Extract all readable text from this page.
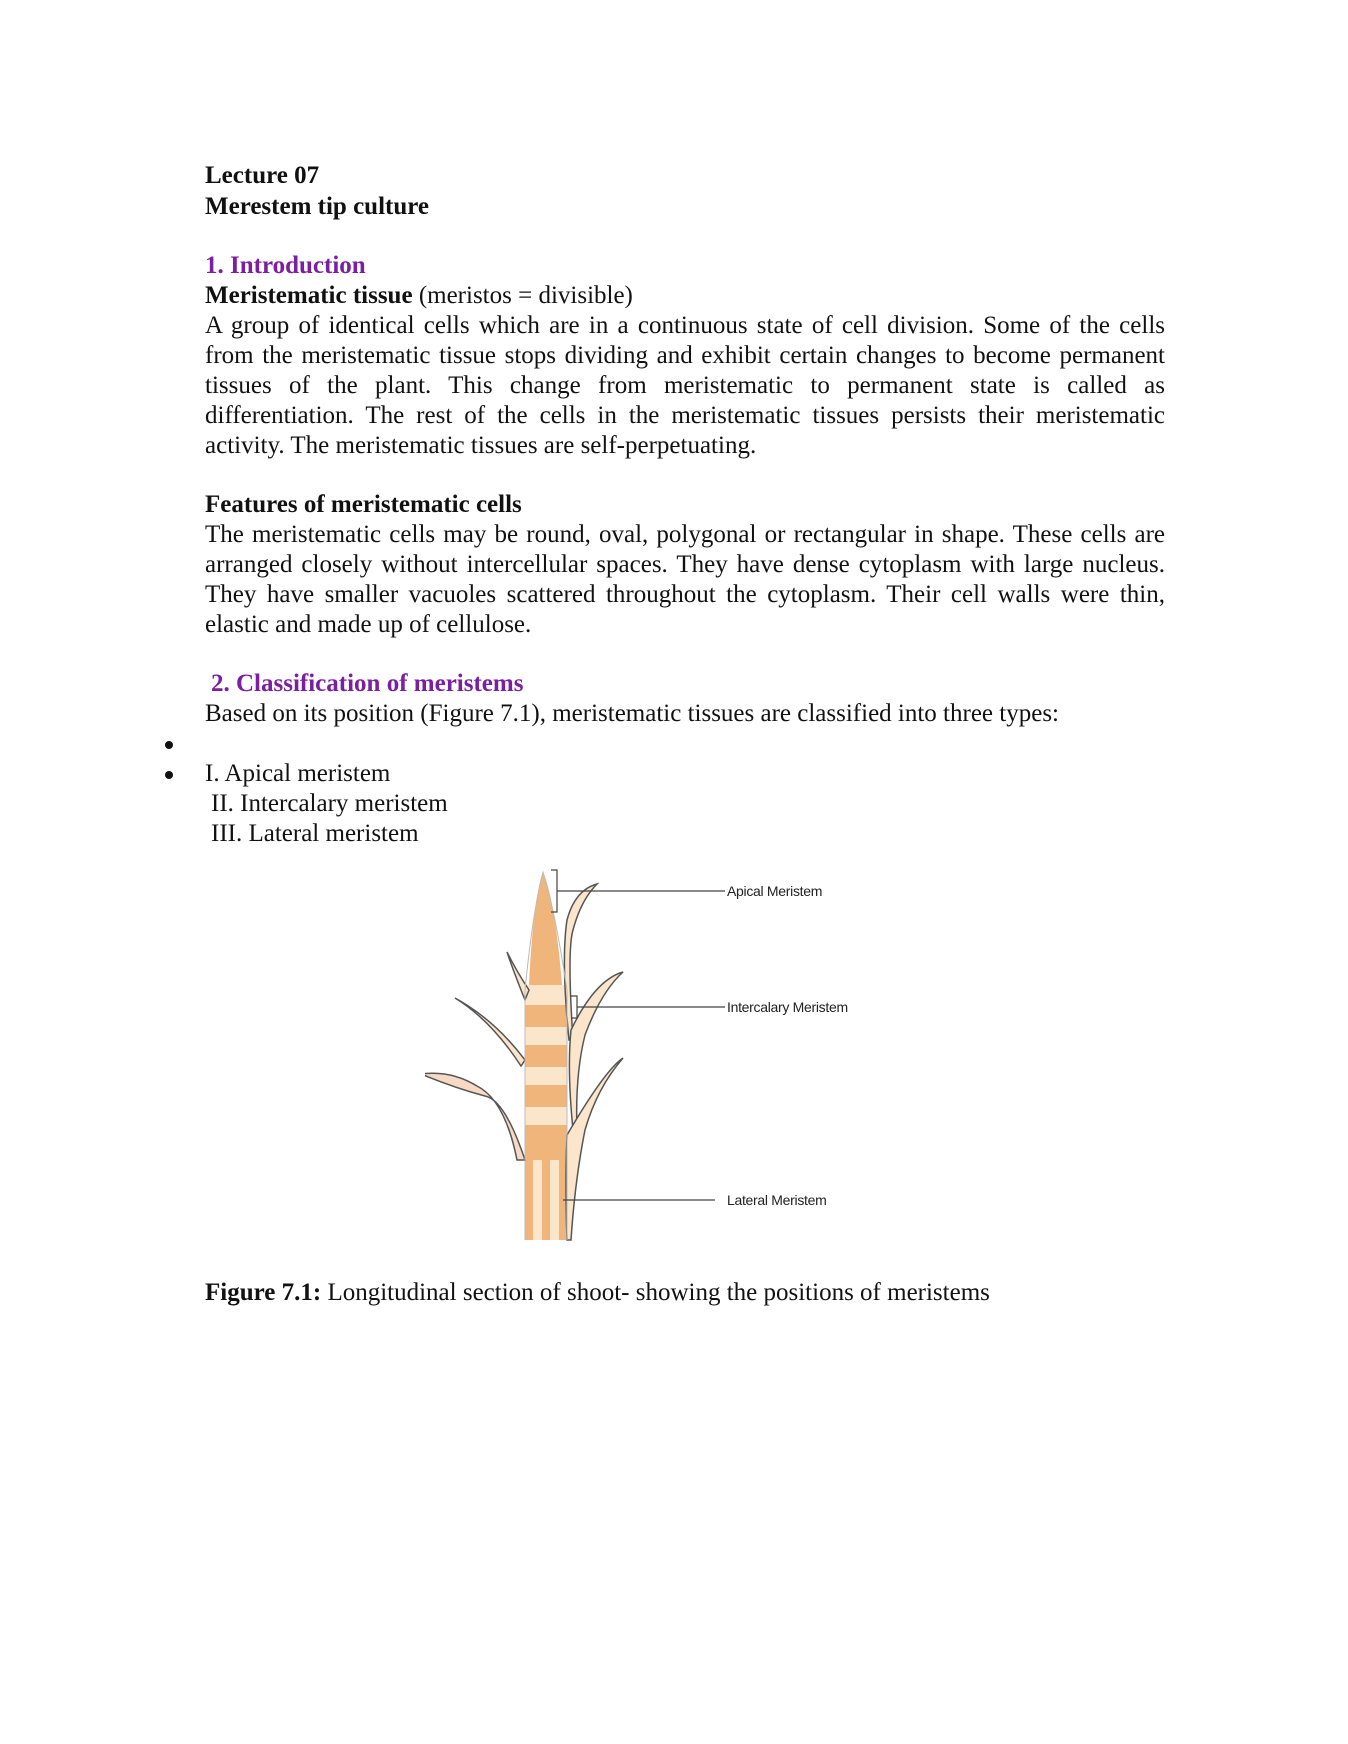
Lecture 07
Merestem tip culture
1. Introduction
Meristematic tissue (meristos = divisible)
A group of identical cells which are in a continuous state of cell division. Some of the cells from the meristematic tissue stops dividing and exhibit certain changes to become permanent tissues of the plant. This change from meristematic to permanent state is called as differentiation. The rest of the cells in the meristematic tissues persists their meristematic activity. The meristematic tissues are self-perpetuating.
Features of meristematic cells
The meristematic cells may be round, oval, polygonal or rectangular in shape. These cells are arranged closely without intercellular spaces. They have dense cytoplasm with large nucleus. They have smaller vacuoles scattered throughout the cytoplasm. Their cell walls were thin, elastic and made up of cellulose.
2. Classification of meristems
Based on its position (Figure 7.1), meristematic tissues are classified into three types:
I. Apical meristem
II. Intercalary meristem
III. Lateral meristem
Apical Meristem
Intercalary Meristem
Lateral Meristem
Figure 7.1: Longitudinal section of shoot- showing the positions of meristems
